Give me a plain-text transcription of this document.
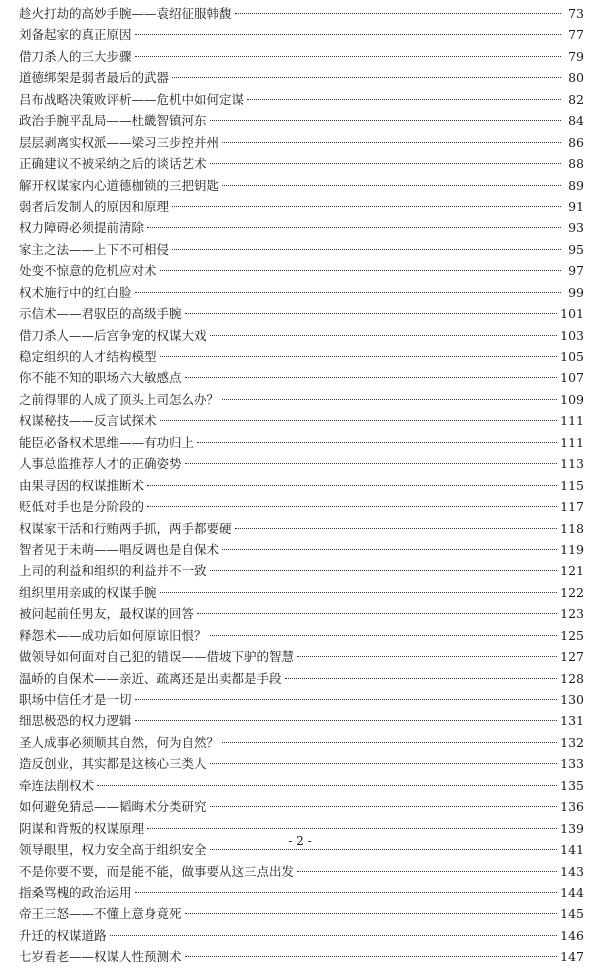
趁火打劫的高妙手腕——袁绍征服韩馥	73
刘备起家的真正原因	77
借刀杀人的三大步骤	79
道德绑架是弱者最后的武器	80
吕布战略决策败评析——危机中如何定谋	82
政治手腕平乱局——杜畿智镇河东	84
层层剥离实权派——梁习三步控并州	86
正确建议不被采纳之后的谈话艺术	88
解开权谋家内心道德枷锁的三把钥匙	89
弱者后发制人的原因和原理	91
权力障碍必须提前清除	93
家主之法——上下不可相侵	95
处变不惊意的危机应对术	97
权术施行中的红白脸	99
示信术——君驭臣的高级手腕	101
借刀杀人——后宫争宠的权谋大戏	103
稳定组织的人才结构模型	105
你不能不知的职场六大敏感点	107
之前得罪的人成了顶头上司怎么办？	109
权谋秘技——反言试探术	111
能臣必备权术思维——有功归上	111
人事总监推荐人才的正确姿势	113
由果寻因的权谋推断术	115
贬低对手也是分阶段的	117
权谋家干活和行贿两手抓，两手都要硬	118
智者见于未萌——唱反调也是自保术	119
上司的利益和组织的利益并不一致	121
组织里用亲戚的权谋手腕	122
被问起前任男友，最权谋的回答	123
释怨术——成功后如何原谅旧恨？	125
做领导如何面对自己犯的错误——借坡下驴的智慧	127
温峤的自保术——亲近、疏离还是出卖都是手段	128
职场中信任才是一切	130
细思极恐的权力逻辑	131
圣人成事必须顺其自然，何为自然？	132
造反创业，其实都是这核心三类人	133
牵连法削权术	135
如何避免猜忌——韬晦术分类研究	136
阴谋和背叛的权谋原理	139
领导眼里，权力安全高于组织安全	141
不是你要不要，而是能不能，做事要从这三点出发	143
指桑骂槐的政治运用	144
帝王三怒——不懂上意身竟死	145
升迁的权谋道路	146
七岁看老——权谋人性预测术	147
- 2 -
